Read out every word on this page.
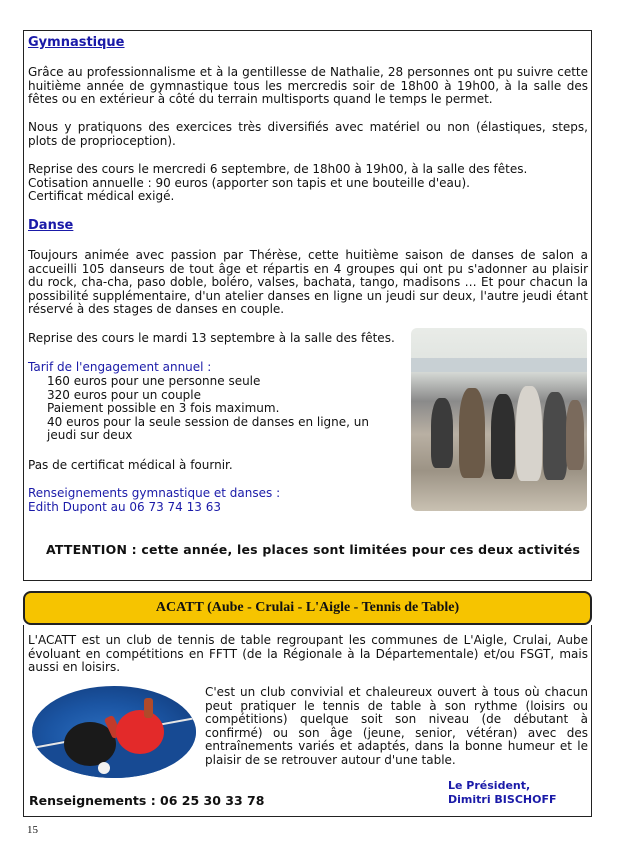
Gymnastique

Grâce au professionnalisme et à la gentillesse de Nathalie, 28 personnes ont pu suivre cette huitième année de gymnastique tous les mercredis soir de 18h00 à 19h00, à la salle des fêtes ou en extérieur à côté du terrain multisports quand le temps le permet.

Nous y pratiquons des exercices très diversifiés avec matériel ou non (élastiques, steps, plots de proprioception).

Reprise des cours le mercredi 6 septembre, de 18h00 à 19h00, à la salle des fêtes.
Cotisation annuelle : 90 euros (apporter son tapis et une bouteille d'eau).
Certificat médical exigé.
Danse

Toujours animée avec passion par Thérèse, cette huitième saison de danses de salon a accueilli 105 danseurs de tout âge et répartis en 4 groupes qui ont pu s'adonner au plaisir du rock, cha-cha, paso doble, boléro, valses, bachata, tango, madisons … Et pour chacun la possibilité supplémentaire, d'un atelier danses en ligne un jeudi sur deux, l'autre jeudi étant réservé à des stages de danses en couple.

Reprise des cours le mardi 13 septembre à la salle des fêtes.
Tarif de l'engagement annuel :
160 euros pour une personne seule
320 euros pour un couple
Paiement possible en 3 fois maximum.
40 euros pour la seule session de danses en ligne, un jeudi sur deux
Pas de certificat médical à fournir.
Renseignements gymnastique et danses :
Edith Dupont au 06 73 74 13 63
ATTENTION : cette année, les places sont limitées pour ces deux activités
ACATT (Aube - Crulai - L'Aigle - Tennis de Table)

L'ACATT est un club de tennis de table regroupant les communes de L'Aigle, Crulai, Aube évoluant en compétitions en FFTT (de la Régionale à la Départementale) et/ou FSGT, mais aussi en loisirs.

C'est un club convivial et chaleureux ouvert à tous où chacun peut pratiquer le tennis de table à son rythme (loisirs ou compétitions) quelque soit son niveau (de débutant à confirmé) ou son âge (jeune, senior, vétéran) avec des entraînements variés et adaptés, dans la bonne humeur et le plaisir de se retrouver autour d'une table.

Le Président,
Dimitri BISCHOFF
Renseignements : 06 25 30 33 78
15
